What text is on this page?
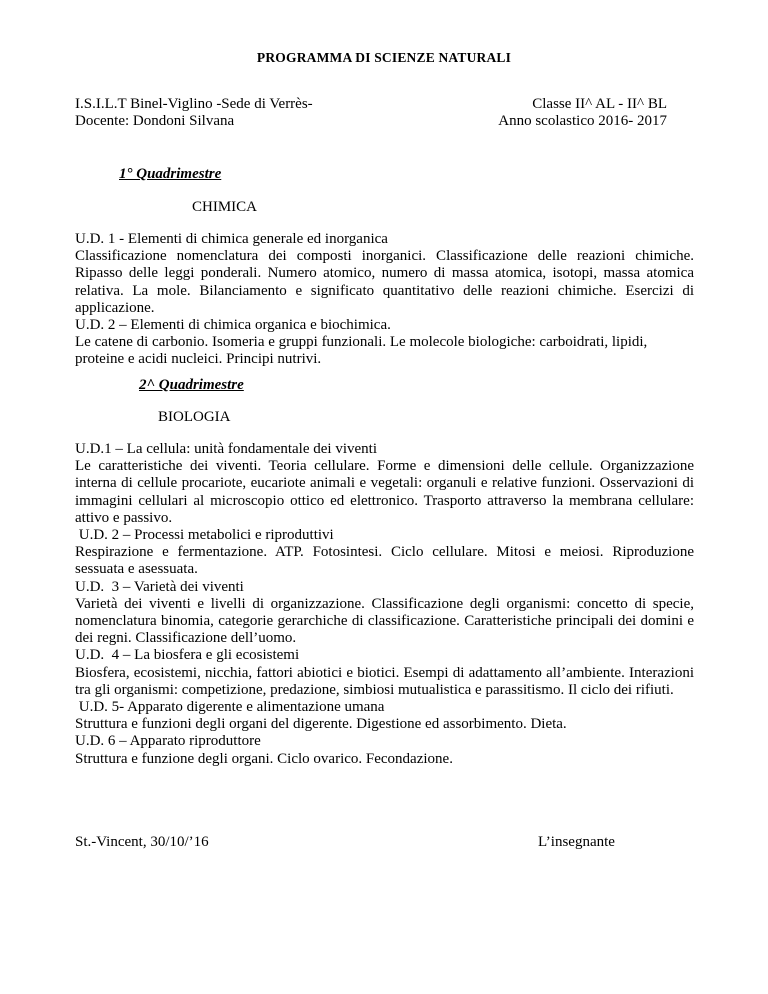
PROGRAMMA DI SCIENZE NATURALI
I.S.I.L.T Binel-Viglino -Sede di Verrès-
Docente: Dondoni Silvana
Classe II^ AL - II^ BL
Anno scolastico 2016- 2017
1° Quadrimestre
CHIMICA

U.D. 1 - Elementi di chimica generale ed inorganica

Classificazione nomenclatura dei composti inorganici. Classificazione delle reazioni chimiche. Ripasso delle leggi ponderali. Numero atomico, numero di massa atomica, isotopi, massa atomica relativa. La mole. Bilanciamento e significato quantitativo delle reazioni chimiche. Esercizi di applicazione.

U.D. 2 – Elementi di chimica organica e biochimica.

Le catene di carbonio. Isomeria e gruppi funzionali. Le molecole biologiche: carboidrati, lipidi, proteine e acidi nucleici. Principi nutrivi.

2^ Quadrimestre
BIOLOGIA

U.D.1 – La cellula: unità fondamentale dei viventi

Le caratteristiche dei viventi. Teoria cellulare. Forme e dimensioni delle cellule. Organizzazione interna di cellule procariote, eucariote animali e vegetali: organuli e relative funzioni. Osservazioni di immagini cellulari al microscopio ottico ed elettronico. Trasporto attraverso la membrana cellulare: attivo e passivo.

U.D. 2 – Processi metabolici e riproduttivi

Respirazione e fermentazione. ATP. Fotosintesi. Ciclo cellulare. Mitosi e meiosi. Riproduzione sessuata e asessuata.

U.D.  3 – Varietà dei viventi

Varietà dei viventi e livelli di organizzazione. Classificazione degli organismi: concetto di specie, nomenclatura binomia, categorie gerarchiche di classificazione. Caratteristiche principali dei domini e dei regni. Classificazione dell’uomo.

U.D.  4 – La biosfera e gli ecosistemi

Biosfera, ecosistemi, nicchia, fattori abiotici e biotici. Esempi di adattamento all’ambiente. Interazioni tra gli organismi: competizione, predazione, simbiosi mutualistica e parassitismo. Il ciclo dei rifiuti.

U.D. 5- Apparato digerente e alimentazione umana

Struttura e funzioni degli organi del digerente. Digestione ed assorbimento. Dieta.

U.D. 6 – Apparato riproduttore

Struttura e funzione degli organi. Ciclo ovarico. Fecondazione.

St.-Vincent, 30/10/’16	L’insegnante
